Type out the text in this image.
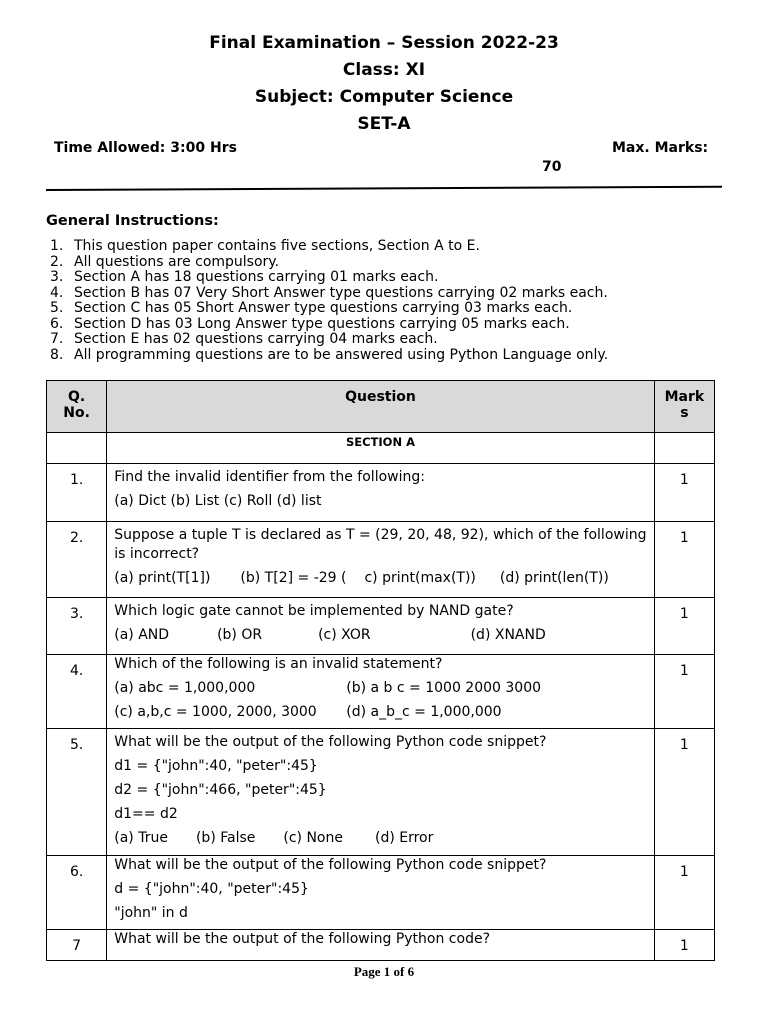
Final Examination – Session 2022-23
Class: XI
Subject: Computer Science
SET-A
Time Allowed: 3:00 Hrs	Max. Marks:
70
General Instructions:
1. This question paper contains five sections, Section A to E.
2. All questions are compulsory.
3. Section A has 18 questions carrying 01 marks each.
4. Section B has 07 Very Short Answer type questions carrying 02 marks each.
5. Section C has 05 Short Answer type questions carrying 03 marks each.
6. Section D has 03 Long Answer type questions carrying 05 marks each.
7. Section E has 02 questions carrying 04 marks each.
8. All programming questions are to be answered using Python Language only.
Q.
No.	Question	Mark
s
	SECTION A	
1.	Find the invalid identifier from the following:

(a) Dict (b) List (c) Roll (d) list	1
2.	Suppose a tuple T is declared as T = (29, 20, 48, 92), which of the following is incorrect?

(a) print(T[1]) (b) T[2] = -29 ( c) print(max(T)) (d) print(len(T))	1
3.	Which logic gate cannot be implemented by NAND gate?

(a) AND (b) OR (c) XOR (d) XNAND	1
4.	Which of the following is an invalid statement?

(a) abc = 1,000,000 (b) a b c = 1000 2000 3000

(c) a,b,c = 1000, 2000, 3000 (d) a_b_c = 1,000,000	1
5.	What will be the output of the following Python code snippet?

d1 = {"john":40, "peter":45}

d2 = {"john":466, "peter":45}

d1== d2

(a) True (b) False (c) None (d) Error	1
6.	What will be the output of the following Python code snippet?

d = {"john":40, "peter":45}

"john" in d	1
7	What will be the output of the following Python code?	1
Page 1 of 6
